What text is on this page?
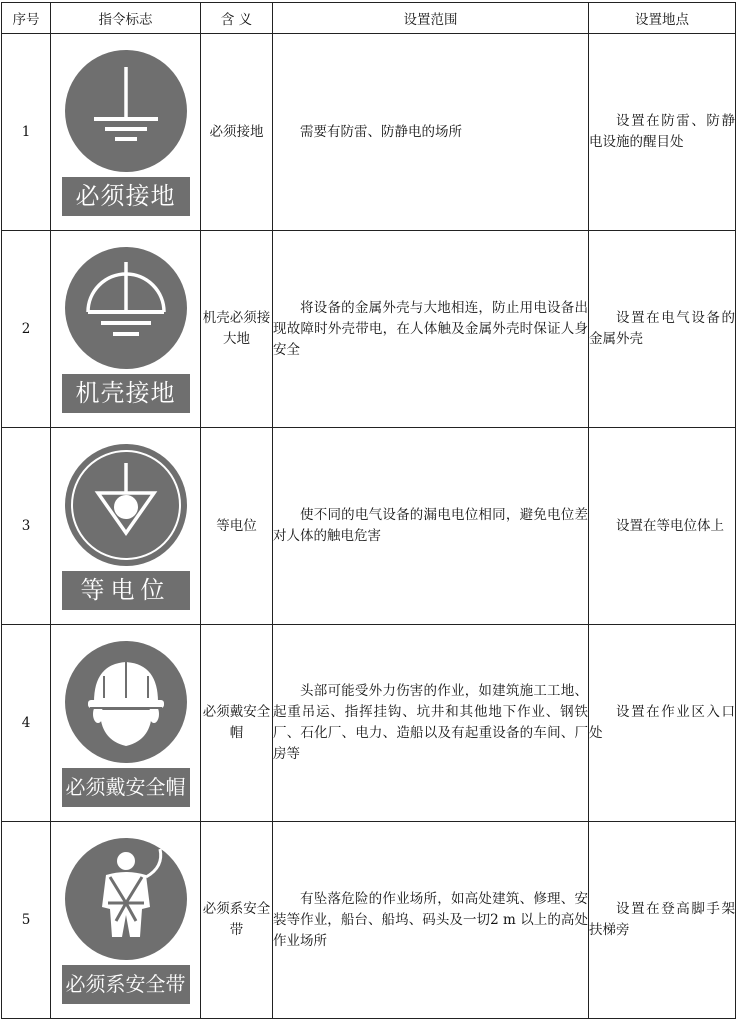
序号	指令标志	含 义	设置范围	设置地点
1	必须接地	必须接地	需要有防雷、防静电的场所	设置在防雷、防静电设施的醒目处
2	机壳接地	机壳必须接大地	将设备的金属外壳与大地相连，防止用电设备出现故障时外壳带电，在人体触及金属外壳时保证人身安全	设置在电气设备的金属外壳
3	等电位	等电位	使不同的电气设备的漏电电位相同，避免电位差对人体的触电危害	设置在等电位体上
4	必须戴安全帽	必须戴安全帽	头部可能受外力伤害的作业，如建筑施工工地、起重吊运、指挥挂钩、坑井和其他地下作业、钢铁厂、石化厂、电力、造船以及有起重设备的车间、厂房等	设置在作业区入口处
5	必须系安全带	必须系安全带	有坠落危险的作业场所，如高处建筑、修理、安装等作业，船台、船坞、码头及一切2 m 以上的高处作业场所	设置在登高脚手架扶梯旁
